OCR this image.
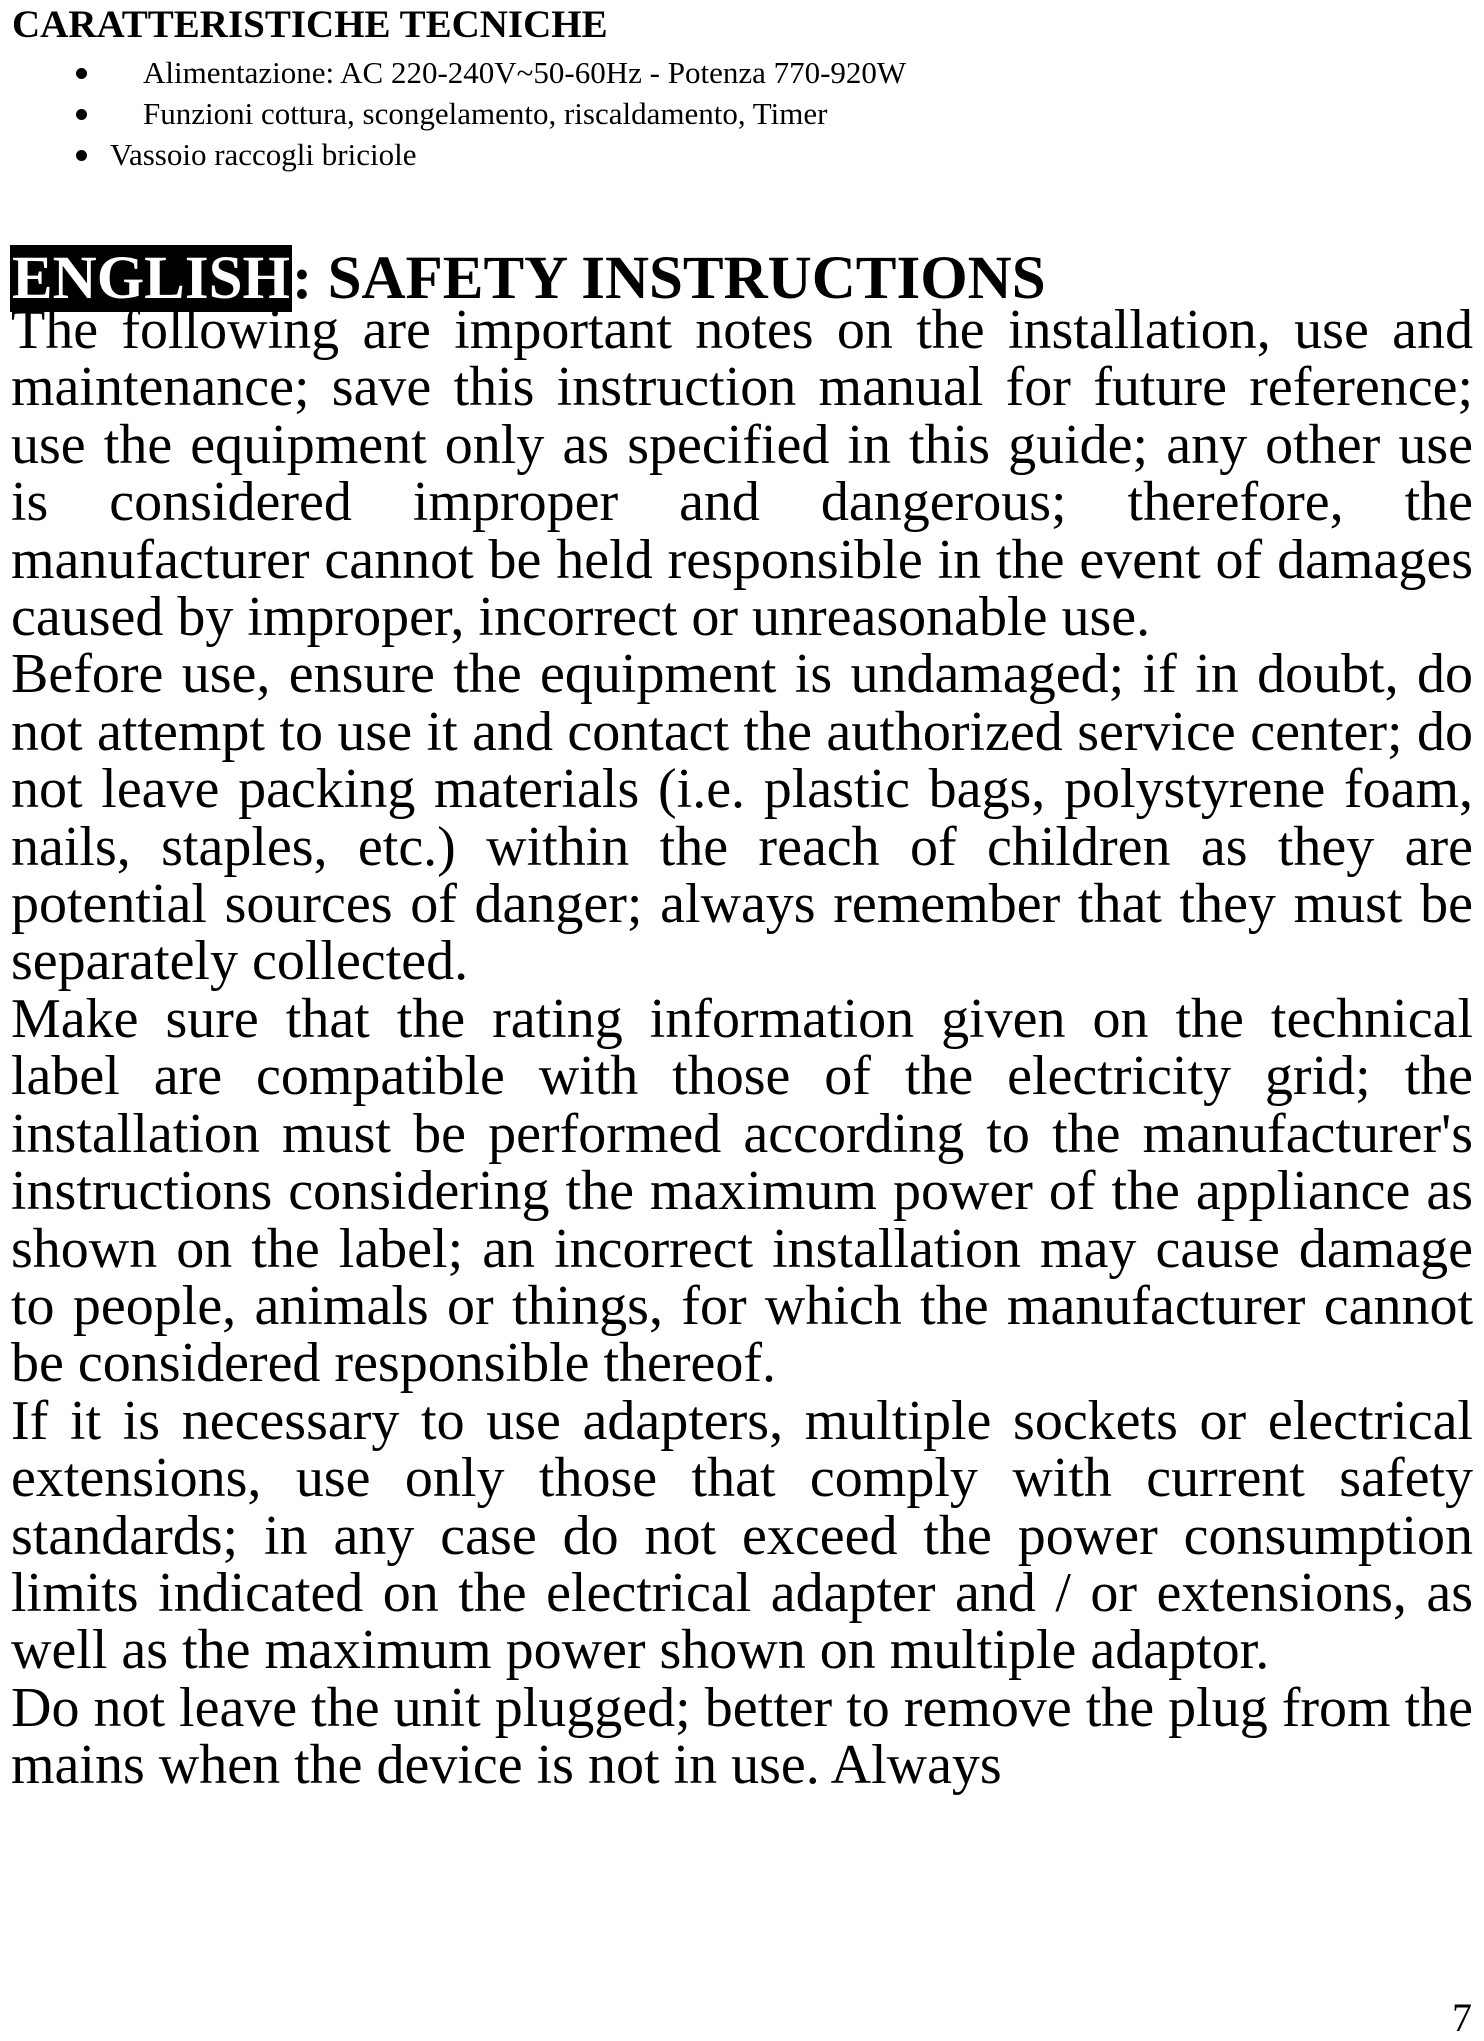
CARATTERISTICHE TECNICHE
Alimentazione: AC 220-240V~50-60Hz - Potenza 770-920W
Funzioni cottura, scongelamento, riscaldamento, Timer
Vassoio raccogli briciole
ENGLISH: SAFETY INSTRUCTIONS

The following are important notes on the installation, use and maintenance; save this instruction manual for future reference; use the equipment only as specified in this guide; any other use is considered improper and dangerous; therefore, the manufacturer cannot be held responsible in the event of damages caused by improper, incorrect or unreasonable use.

Before use, ensure the equipment is undamaged; if in doubt, do not attempt to use it and contact the authorized service center; do not leave packing materials (i.e. plastic bags, polystyrene foam, nails, staples, etc.) within the reach of children as they are potential sources of danger; always remember that they must be separately collected.

Make sure that the rating information given on the technical label are compatible with those of the electricity grid; the installation must be performed according to the manufacturer's instructions considering the maximum power of the appliance as shown on the label; an incorrect installation may cause damage to people, animals or things, for which the manufacturer cannot be considered responsible thereof.

If it is necessary to use adapters, multiple sockets or electrical extensions, use only those that comply with current safety standards; in any case do not exceed the power consumption limits indicated on the electrical adapter and / or extensions, as well as the maximum power shown on multiple adaptor.

Do not leave the unit plugged; better to remove the plug from the mains when the device is not in use. Always

7
